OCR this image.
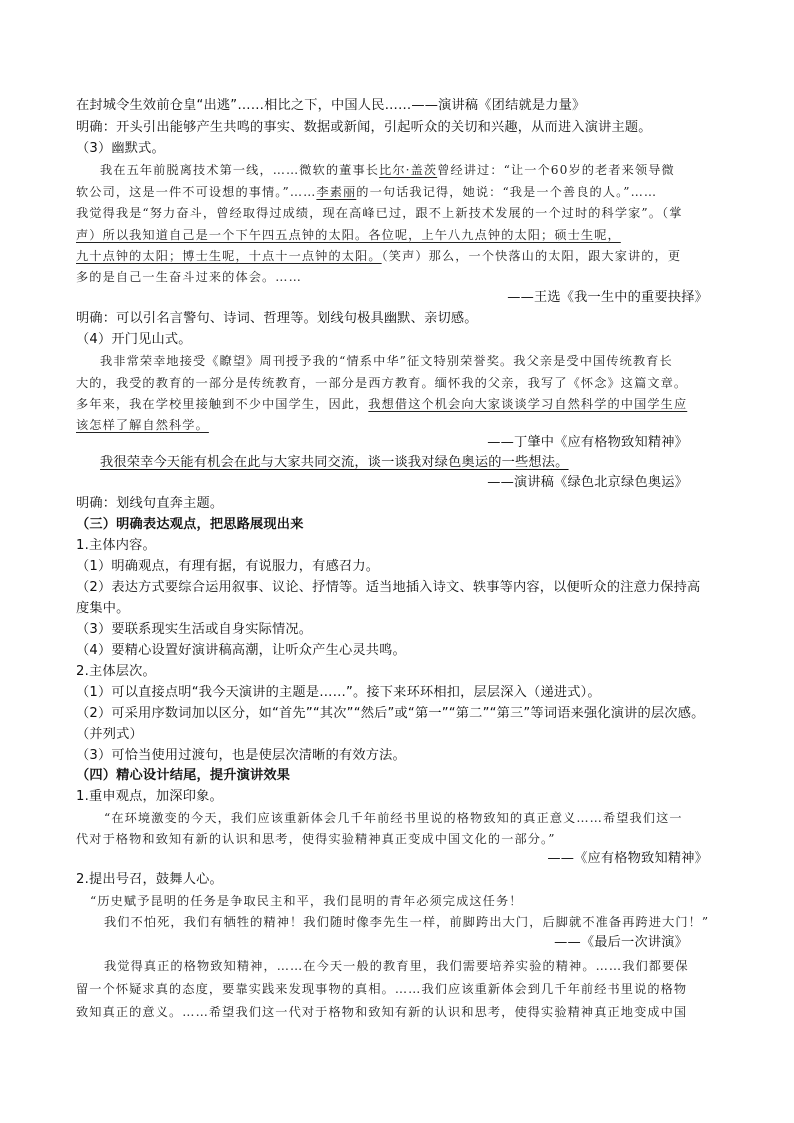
在封城令生效前仓皇“出逃”……相比之下，中国人民……——演讲稿《团结就是力量》
明确：开头引出能够产生共鸣的事实、数据或新闻，引起听众的关切和兴趣，从而进入演讲主题。
（3）幽默式。
我在五年前脱离技术第一线，……微软的董事长比尔·盖茨曾经讲过：“让一个60岁的老者来领导微
软公司，这是一件不可设想的事情。”……李素丽的一句话我记得，她说：“我是一个善良的人。”……
我觉得我是“努力奋斗，曾经取得过成绩，现在高峰已过，跟不上新技术发展的一个过时的科学家”。（掌
声）所以我知道自己是一个下午四五点钟的太阳。各位呢，上午八九点钟的太阳；硕士生呢，
九十点钟的太阳；博士生呢，十点十一点钟的太阳。（笑声）那么，一个快落山的太阳，跟大家讲的，更
多的是自己一生奋斗过来的体会。……
——王选《我一生中的重要抉择》
明确：可以引名言警句、诗词、哲理等。划线句极具幽默、亲切感。
（4）开门见山式。
我非常荣幸地接受《瞭望》周刊授予我的“情系中华”征文特别荣誉奖。我父亲是受中国传统教育长
大的，我受的教育的一部分是传统教育，一部分是西方教育。缅怀我的父亲，我写了《怀念》这篇文章。
多年来，我在学校里接触到不少中国学生，因此，我想借这个机会向大家谈谈学习自然科学的中国学生应
该怎样了解自然科学。
——丁肇中《应有格物致知精神》
我很荣幸今天能有机会在此与大家共同交流，谈一谈我对绿色奥运的一些想法。
——演讲稿《绿色北京绿色奥运》
明确：划线句直奔主题。
（三）明确表达观点，把思路展现出来
1.主体内容。
（1）明确观点，有理有据，有说服力，有感召力。
（2）表达方式要综合运用叙事、议论、抒情等。适当地插入诗文、轶事等内容，以便听众的注意力保持高
度集中。
（3）要联系现实生活或自身实际情况。
（4）要精心设置好演讲稿高潮，让听众产生心灵共鸣。
2.主体层次。
（1）可以直接点明“我今天演讲的主题是……”。接下来环环相扣，层层深入（递进式）。
（2）可采用序数词加以区分，如“首先”“其次”“然后”或“第一”“第二”“第三”等词语来强化演讲的层次感。
（并列式）
（3）可恰当使用过渡句，也是使层次清晰的有效方法。
（四）精心设计结尾，提升演讲效果
1.重申观点，加深印象。
“在环境激变的今天，我们应该重新体会几千年前经书里说的格物致知的真正意义……希望我们这一
代对于格物和致知有新的认识和思考，使得实验精神真正变成中国文化的一部分。”
——《应有格物致知精神》
2.提出号召，鼓舞人心。
“历史赋予昆明的任务是争取民主和平，我们昆明的青年必须完成这任务！
我们不怕死，我们有牺牲的精神！我们随时像李先生一样，前脚跨出大门，后脚就不准备再跨进大门！”
——《最后一次讲演》
我觉得真正的格物致知精神，……在今天一般的教育里，我们需要培养实验的精神。……我们都要保
留一个怀疑求真的态度，要靠实践来发现事物的真相。……我们应该重新体会到几千年前经书里说的格物
致知真正的意义。……希望我们这一代对于格物和致知有新的认识和思考，使得实验精神真正地变成中国
